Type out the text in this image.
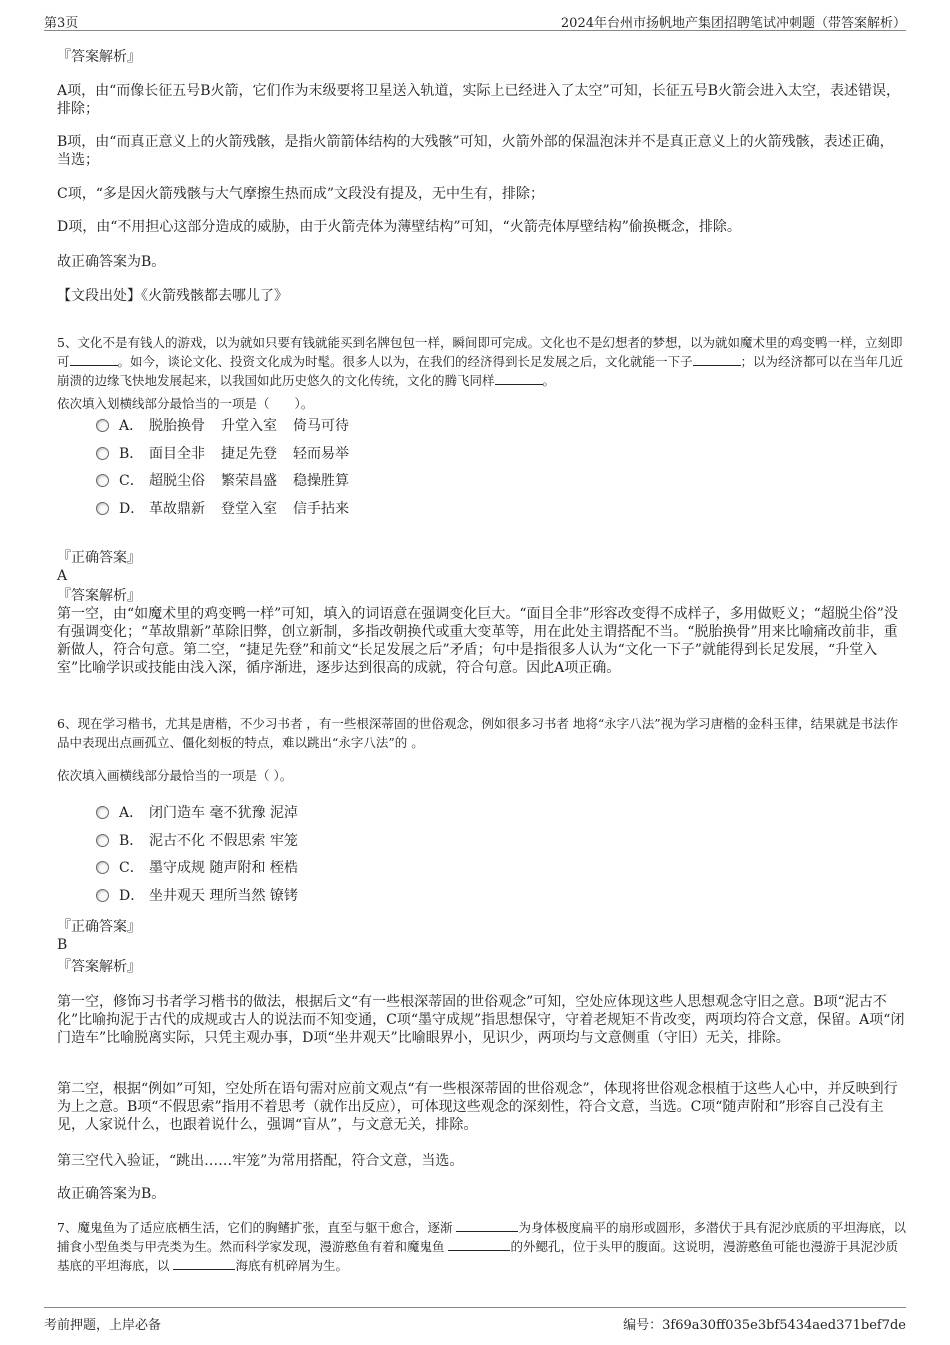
第3页	2024年台州市扬帆地产集团招聘笔试冲刺题（带答案解析）

『答案解析』

A项，由“而像长征五号B火箭，它们作为末级要将卫星送入轨道，实际上已经进入了太空”可知，长征五号B火箭会进入太空，表述错误，排除；

B项，由“而真正意义上的火箭残骸，是指火箭箭体结构的大残骸”可知，火箭外部的保温泡沫并不是真正意义上的火箭残骸，表述正确，当选；

C项，“多是因火箭残骸与大气摩擦生热而成”文段没有提及，无中生有，排除；

D项，由“不用担心这部分造成的威胁，由于火箭壳体为薄壁结构”可知，“火箭壳体厚壁结构”偷换概念，排除。

故正确答案为B。

【文段出处】《火箭残骸都去哪儿了》

5、文化不是有钱人的游戏，以为就如只要有钱就能买到名牌包包一样，瞬间即可完成。文化也不是幻想者的梦想，以为就如魔术里的鸡变鸭一样，立刻即可	。如今，谈论文化、投资文化成为时髦。很多人以为，在我们的经济得到长足发展之后，文化就能一下子	；以为经济都可以在当年几近崩溃的边缘飞快地发展起来，以我国如此历史悠久的文化传统，文化的腾飞同样	。

依次填入划横线部分最恰当的一项是（　　）。

A． 脱胎换骨 升堂入室 倚马可待
B． 面目全非 捷足先登 轻而易举
C． 超脱尘俗 繁荣昌盛 稳操胜算
D． 革故鼎新 登堂入室 信手拈来

『正确答案』

A

『答案解析』

第一空，由“如魔术里的鸡变鸭一样”可知，填入的词语意在强调变化巨大。“面目全非”形容改变得不成样子，多用做贬义；“超脱尘俗”没有强调变化；“革故鼎新”革除旧弊，创立新制，多指改朝换代或重大变革等，用在此处主谓搭配不当。“脱胎换骨”用来比喻痛改前非，重新做人，符合句意。第二空，“捷足先登”和前文“长足发展之后”矛盾；句中是指很多人认为“文化一下子”就能得到长足发展，“升堂入室”比喻学识或技能由浅入深，循序渐进，逐步达到很高的成就，符合句意。因此A项正确。

6、现在学习楷书，尤其是唐楷，不少习书者 ，有一些根深蒂固的世俗观念，例如很多习书者 地将“永字八法”视为学习唐楷的金科玉律，结果就是书法作品中表现出点画孤立、僵化刻板的特点，难以跳出“永字八法”的 。

依次填入画横线部分最恰当的一项是（ ）。

A． 闭门造车 毫不犹豫 泥淖
B． 泥古不化 不假思索 牢笼
C． 墨守成规 随声附和 桎梏
D． 坐井观天 理所当然 镣铐

『正确答案』

B

『答案解析』

第一空，修饰习书者学习楷书的做法，根据后文“有一些根深蒂固的世俗观念”可知，空处应体现这些人思想观念守旧之意。B项“泥古不化”比喻拘泥于古代的成规或古人的说法而不知变通，C项“墨守成规”指思想保守，守着老规矩不肯改变，两项均符合文意，保留。A项“闭门造车”比喻脱离实际，只凭主观办事，D项“坐井观天”比喻眼界小，见识少，两项均与文意侧重（守旧）无关，排除。

第二空，根据“例如”可知，空处所在语句需对应前文观点“有一些根深蒂固的世俗观念”，体现将世俗观念根植于这些人心中，并反映到行为上之意。B项“不假思索”指用不着思考（就作出反应），可体现这些观念的深刻性，符合文意，当选。C项“随声附和”形容自己没有主见，人家说什么，也跟着说什么，强调“盲从”，与文意无关，排除。

第三空代入验证，“跳出……牢笼”为常用搭配，符合文意，当选。

故正确答案为B。

7、魔鬼鱼为了适应底栖生活，它们的胸鳍扩张，直至与躯干愈合，逐渐	为身体极度扁平的扇形或圆形，多潜伏于具有泥沙底质的平坦海底，以捕食小型鱼类与甲壳类为生。然而科学家发现，漫游憨鱼有着和魔鬼鱼	的外鳃孔，位于头甲的腹面。这说明，漫游憨鱼可能也漫游于具泥沙质基底的平坦海底，以	海底有机碎屑为生。

考前押题，上岸必备	编号：3f69a30ff035e3bf5434aed371bef7de
